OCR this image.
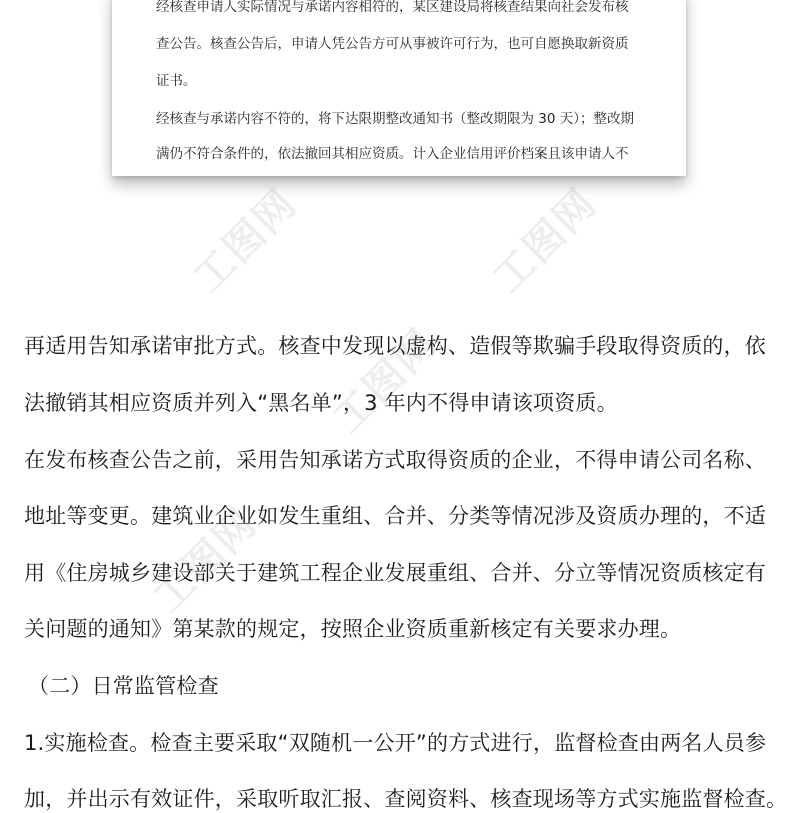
工图网	工图网
工图网
工图网
经核查申请人实际情况与承诺内容相符的，某区建设局将核查结果向社会发布核
查公告。核查公告后，申请人凭公告方可从事被许可行为，也可自愿换取新资质
证书。
经核查与承诺内容不符的，将下达限期整改通知书（整改期限为 30 天）；整改期
满仍不符合条件的，依法撤回其相应资质。计入企业信用评价档案且该申请人不
再适用告知承诺审批方式。核查中发现以虚构、造假等欺骗手段取得资质的，依
法撤销其相应资质并列入“黑名单”，3 年内不得申请该项资质。
在发布核查公告之前，采用告知承诺方式取得资质的企业，不得申请公司名称、
地址等变更。建筑业企业如发生重组、合并、分类等情况涉及资质办理的，不适
用《住房城乡建设部关于建筑工程企业发展重组、合并、分立等情况资质核定有
关问题的通知》第某款的规定，按照企业资质重新核定有关要求办理。
（二）日常监管检查
1.实施检查。检查主要采取“双随机一公开”的方式进行，监督检查由两名人员参
加，并出示有效证件，采取听取汇报、查阅资料、核查现场等方式实施监督检查。
